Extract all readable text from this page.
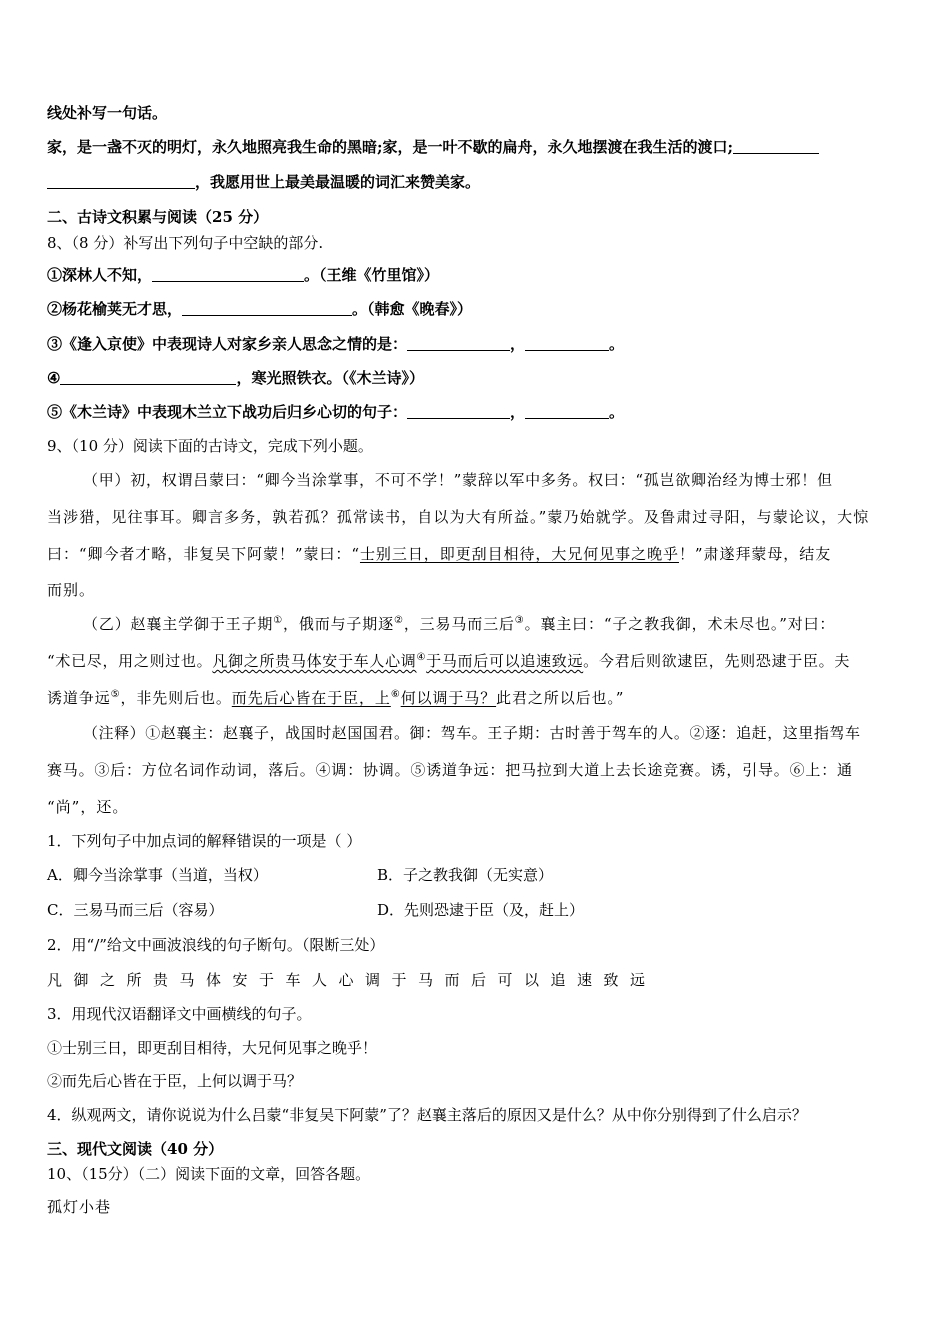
线处补写一句话。
家，是一盏不灭的明灯，永久地照亮我生命的黑暗;家，是一叶不歇的扁舟，永久地摆渡在我生活的渡口;
，我愿用世上最美最温暖的词汇来赞美家。
二、古诗文积累与阅读（25 分）
8、（8 分）补写出下列句子中空缺的部分.
①深林人不知，	。（王维《竹里馆》）
②杨花榆荚无才思，	。（韩愈《晚春》）
③《逢入京使》中表现诗人对家乡亲人思念之情的是：	，	。
④	，寒光照铁衣。（《木兰诗》）
⑤《木兰诗》中表现木兰立下战功后归乡心切的句子：	，	。
9、（10 分）阅读下面的古诗文，完成下列小题。
（甲）初，权谓吕蒙曰：“卿今当涂掌事，不可不学！”蒙辞以军中多务。权曰：“孤岂欲卿治经为博士邪！但
当涉猎，见往事耳。卿言多务，孰若孤？孤常读书，自以为大有所益。”蒙乃始就学。及鲁肃过寻阳，与蒙论议，大惊
曰：“卿今者才略，非复吴下阿蒙！”蒙曰：“士别三日，即更刮目相待，大兄何见事之晚乎！”肃遂拜蒙母，结友
而别。
（乙）赵襄主学御于王子期①，俄而与子期逐②，三易马而三后③。襄主曰：“子之教我御，术未尽也。”对曰：
“术已尽，用之则过也。凡御之所贵马体安于车人心调④于马而后可以追速致远。今君后则欲逮臣，先则恐逮于臣。夫
诱道争远⑤，非先则后也。而先后心皆在于臣，上⑥何以调于马？此君之所以后也。”
（注释）①赵襄主：赵襄子，战国时赵国国君。御：驾车。王子期：古时善于驾车的人。②逐：追赶，这里指驾车
赛马。③后：方位名词作动词，落后。④调：协调。⑤诱道争远：把马拉到大道上去长途竞赛。诱，引导。⑥上：通
“尚”，还。
1．下列句子中加点词的解释错误的一项是（ ）
A．卿今当涂掌事（当道，当权）	B．子之教我御（无实意）
C．三易马而三后（容易）	D．先则恐逮于臣（及，赶上）
2．用“/”给文中画波浪线的句子断句。（限断三处）
凡御之所贵马体安于车人心调于马而后可以追速致远
3．用现代汉语翻译文中画横线的句子。
①士别三日，即更刮目相待，大兄何见事之晚乎！
②而先后心皆在于臣，上何以调于马？
4．纵观两文，请你说说为什么吕蒙“非复吴下阿蒙”了？赵襄主落后的原因又是什么？从中你分别得到了什么启示？
三、现代文阅读（40 分）
10、（15分）（二）阅读下面的文章，回答各题。
孤灯小巷
